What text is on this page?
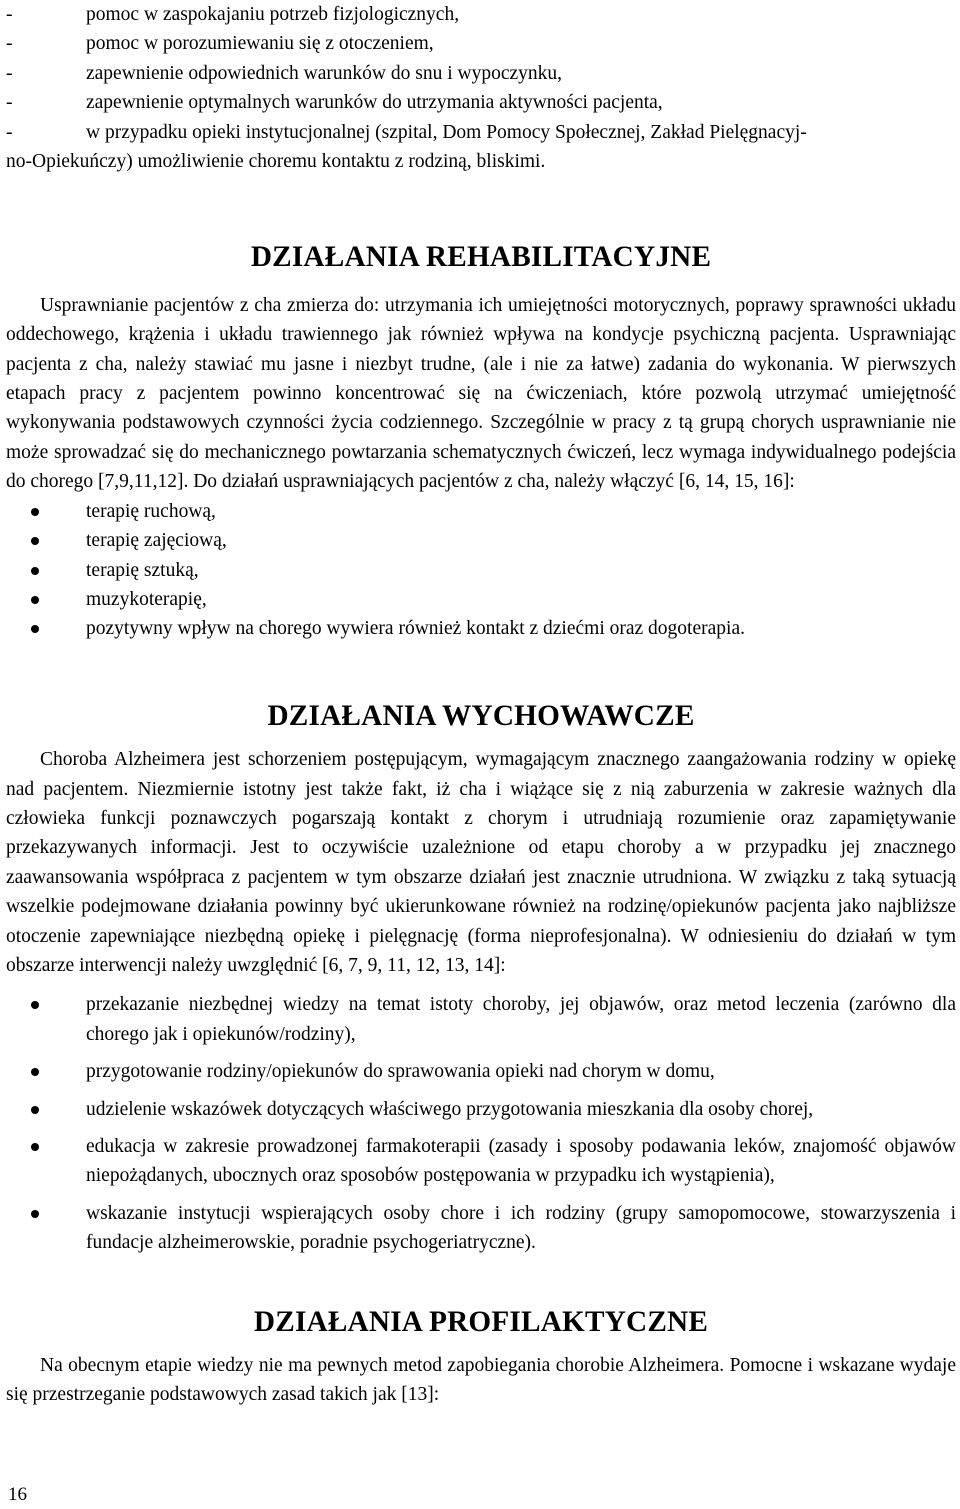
-	pomoc w zaspokajaniu potrzeb fizjologicznych,
-	pomoc w porozumiewaniu się z otoczeniem,
-	zapewnienie odpowiednich warunków do snu i wypoczynku,
-	zapewnienie optymalnych warunków do utrzymania aktywności pacjenta,
-	w przypadku opieki instytucjonalnej (szpital, Dom Pomocy Społecznej, Zakład Pielęgnacyj-
no-Opiekuńczy) umożliwienie choremu kontaktu z rodziną, bliskimi.
DZIAŁANIA REHABILITACYJNE

Usprawnianie pacjentów z cha zmierza do: utrzymania ich umiejętności motorycznych, poprawy sprawności układu oddechowego, krążenia i układu trawiennego jak również wpływa na kondycje psychiczną pacjenta. Usprawniając pacjenta z cha, należy stawiać mu jasne i niezbyt trudne, (ale i nie za łatwe) zadania do wykonania. W pierwszych etapach pracy z pacjentem powinno koncentrować się na ćwiczeniach, które pozwolą utrzymać umiejętność wykonywania podstawowych czynności życia codziennego. Szczególnie w pracy z tą grupą chorych usprawnianie nie może sprowadzać się do mechanicznego powtarzania schematycznych ćwiczeń, lecz wymaga indywidualnego podejścia do chorego [7,9,11,12]. Do działań usprawniających pacjentów z cha, należy włączyć [6, 14, 15, 16]:

terapię ruchową,
terapię zajęciową,
terapię sztuką,
muzykoterapię,
pozytywny wpływ na chorego wywiera również kontakt z dziećmi oraz dogoterapia.
DZIAŁANIA WYCHOWAWCZE

Choroba Alzheimera jest schorzeniem postępującym, wymagającym znacznego zaangażowania rodziny w opiekę nad pacjentem. Niezmiernie istotny jest także fakt, iż cha i wiążące się z nią zaburzenia w zakresie ważnych dla człowieka funkcji poznawczych pogarszają kontakt z chorym i utrudniają rozumienie oraz zapamiętywanie przekazywanych informacji. Jest to oczywiście uzależnione od etapu choroby a w przypadku jej znacznego zaawansowania współpraca z pacjentem w tym obszarze działań jest znacznie utrudniona. W związku z taką sytuacją wszelkie podejmowane działania powinny być ukierunkowane również na rodzinę/opiekunów pacjenta jako najbliższe otoczenie zapewniające niezbędną opiekę i pielęgnację (forma nieprofesjonalna). W odniesieniu do działań w tym obszarze interwencji należy uwzględnić [6, 7, 9, 11, 12, 13, 14]:

przekazanie niezbędnej wiedzy na temat istoty choroby, jej objawów, oraz metod leczenia (zarówno dla chorego jak i opiekunów/rodziny),
przygotowanie rodziny/opiekunów do sprawowania opieki nad chorym w domu,
udzielenie wskazówek dotyczących właściwego przygotowania mieszkania dla osoby chorej,
edukacja w zakresie prowadzonej farmakoterapii (zasady i sposoby podawania leków, znajomość objawów niepożądanych, ubocznych oraz sposobów postępowania w przypadku ich wystąpienia),
wskazanie instytucji wspierających osoby chore i ich rodziny (grupy samopomocowe, stowarzyszenia i fundacje alzheimerowskie, poradnie psychogeriatryczne).
DZIAŁANIA PROFILAKTYCZNE

Na obecnym etapie wiedzy nie ma pewnych metod zapobiegania chorobie Alzheimera. Pomocne i wskazane wydaje się przestrzeganie podstawowych zasad takich jak [13]:

16
